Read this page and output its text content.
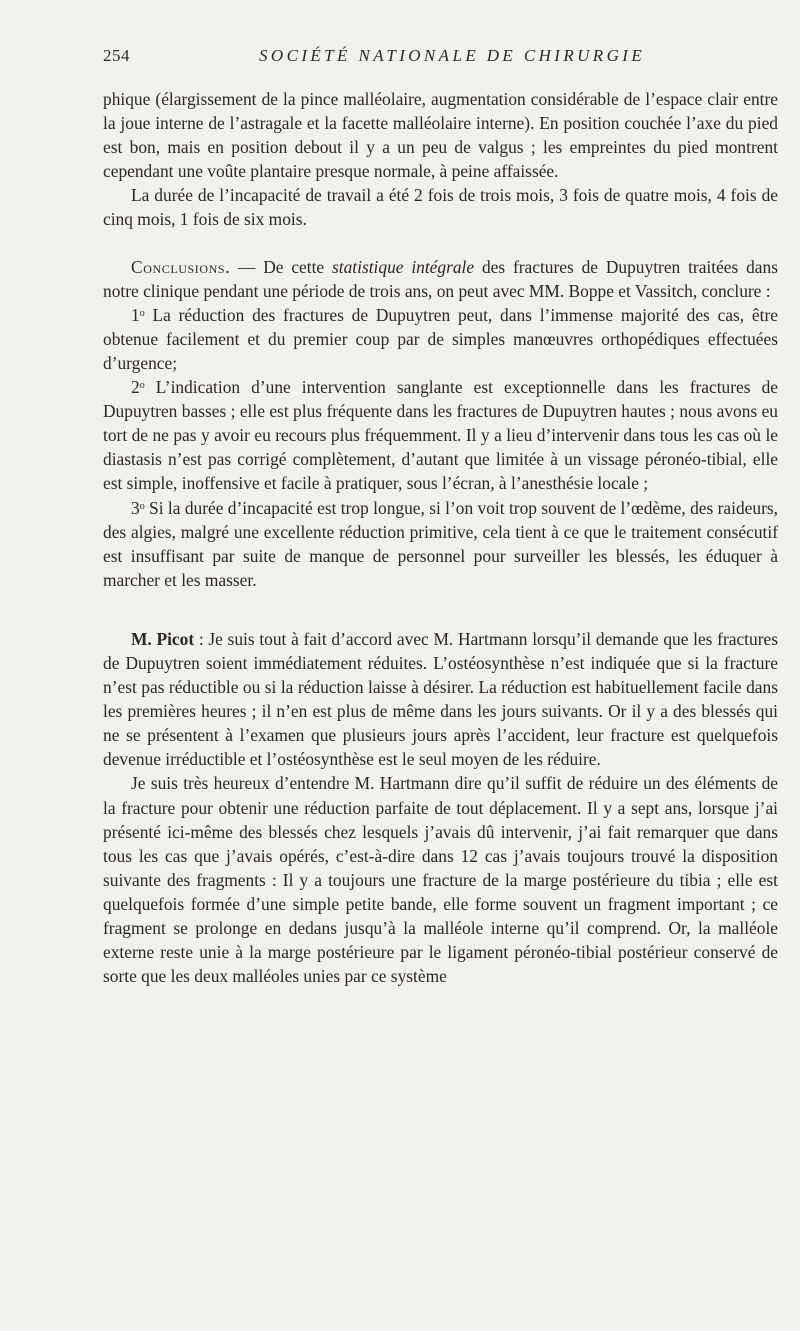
254	SOCIÉTÉ NATIONALE DE CHIRURGIE

phique (élargissement de la pince malléolaire, augmentation considérable de l’espace clair entre la joue interne de l’astragale et la facette malléolaire interne). En position couchée l’axe du pied est bon, mais en position debout il y a un peu de valgus ; les empreintes du pied montrent cependant une voûte plantaire presque normale, à peine affaissée.

La durée de l’incapacité de travail a été 2 fois de trois mois, 3 fois de quatre mois, 4 fois de cinq mois, 1 fois de six mois.

Conclusions. — De cette statistique intégrale des fractures de Dupuytren traitées dans notre clinique pendant une période de trois ans, on peut avec MM. Boppe et Vassitch, conclure :

1$^o$ La réduction des fractures de Dupuytren peut, dans l’immense majorité des cas, être obtenue facilement et du premier coup par de simples manœuvres orthopédiques effectuées d’urgence;

2$^o$ L’indication d’une intervention sanglante est exceptionnelle dans les fractures de Dupuytren basses ; elle est plus fréquente dans les fractures de Dupuytren hautes ; nous avons eu tort de ne pas y avoir eu recours plus fréquemment. Il y a lieu d’intervenir dans tous les cas où le diastasis n’est pas corrigé complètement, d’autant que limitée à un vissage péronéo-tibial, elle est simple, inoffensive et facile à pratiquer, sous l’écran, à l’anesthésie locale ;

3$^o$ Si la durée d’incapacité est trop longue, si l’on voit trop souvent de l’œdème, des raideurs, des algies, malgré une excellente réduction primitive, cela tient à ce que le traitement consécutif est insuffisant par suite de manque de personnel pour surveiller les blessés, les éduquer à marcher et les masser.

M. Picot : Je suis tout à fait d’accord avec M. Hartmann lorsqu’il demande que les fractures de Dupuytren soient immédiatement réduites. L’ostéosynthèse n’est indiquée que si la fracture n’est pas réductible ou si la réduction laisse à désirer. La réduction est habituellement facile dans les premières heures ; il n’en est plus de même dans les jours suivants. Or il y a des blessés qui ne se présentent à l’examen que plusieurs jours après l’accident, leur fracture est quelquefois devenue irréductible et l’ostéosynthèse est le seul moyen de les réduire.

Je suis très heureux d’entendre M. Hartmann dire qu’il suffit de réduire un des éléments de la fracture pour obtenir une réduction parfaite de tout déplacement. Il y a sept ans, lorsque j’ai présenté ici-même des blessés chez lesquels j’avais dû intervenir, j’ai fait remarquer que dans tous les cas que j’avais opérés, c’est-à-dire dans 12 cas j’avais toujours trouvé la disposition suivante des fragments : Il y a toujours une fracture de la marge postérieure du tibia ; elle est quelquefois formée d’une simple petite bande, elle forme souvent un fragment important ; ce fragment se prolonge en dedans jusqu’à la malléole interne qu’il comprend. Or, la malléole externe reste unie à la marge postérieure par le ligament péronéo-tibial postérieur conservé de sorte que les deux malléoles unies par ce système
